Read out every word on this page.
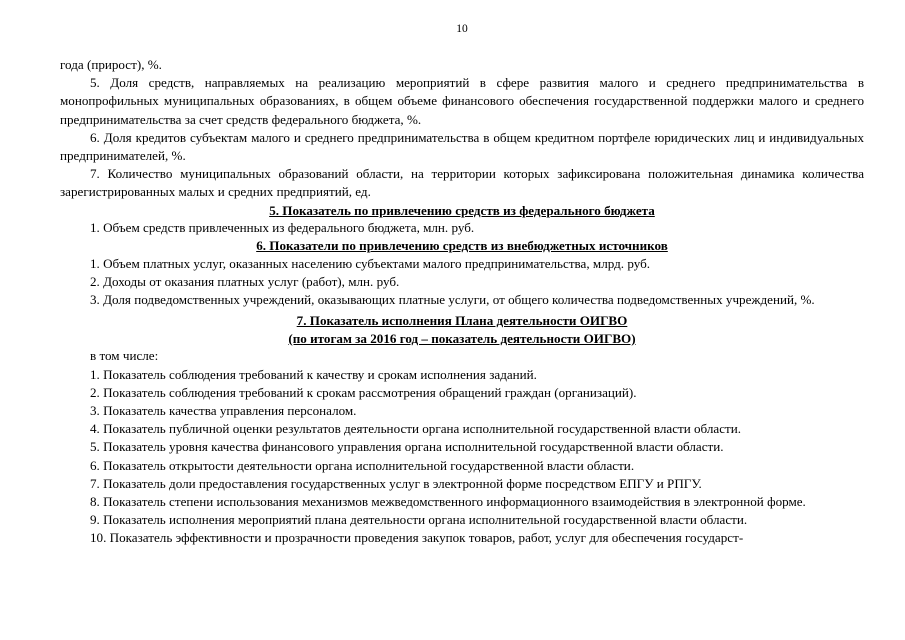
10

года (прирост), %.

5. Доля средств, направляемых на реализацию мероприятий в сфере развития малого и среднего предпринимательства в монопрофильных муниципальных образованиях, в общем объеме финансового обеспечения государственной поддержки малого и среднего предпринимательства за счет средств федерального бюджета, %.

6. Доля кредитов субъектам малого и среднего предпринимательства в общем кредитном портфеле юридических лиц и индивидуальных предпринимателей, %.

7. Количество муниципальных образований области, на территории которых зафиксирована положительная динамика количества зарегистрированных малых и средних предприятий, ед.

5. Показатель по привлечению средств из федерального бюджета

1. Объем средств привлеченных из федерального бюджета, млн. руб.

6. Показатели по привлечению средств из внебюджетных источников

1. Объем платных услуг, оказанных населению субъектами малого предпринимательства, млрд. руб.

2. Доходы от оказания платных услуг (работ), млн. руб.

3. Доля подведомственных учреждений, оказывающих платные услуги, от общего количества подведомственных учреждений, %.

7. Показатель исполнения Плана деятельности ОИГВО
(по итогам за 2016 год – показатель деятельности ОИГВО)

в том числе:

1. Показатель соблюдения требований к качеству и срокам исполнения заданий.

2. Показатель соблюдения требований к срокам рассмотрения обращений граждан (организаций).

3. Показатель качества управления персоналом.

4. Показатель публичной оценки результатов деятельности органа исполнительной государственной власти области.

5. Показатель уровня качества финансового управления органа исполнительной государственной власти области.

6. Показатель открытости деятельности органа исполнительной государственной власти области.

7. Показатель доли предоставления государственных услуг в электронной форме посредством ЕПГУ и РПГУ.

8. Показатель степени использования механизмов межведомственного информационного взаимодействия в электронной форме.

9. Показатель исполнения мероприятий плана деятельности органа исполнительной государственной власти области.

10. Показатель эффективности и прозрачности проведения закупок товаров, работ, услуг для обеспечения государст-
